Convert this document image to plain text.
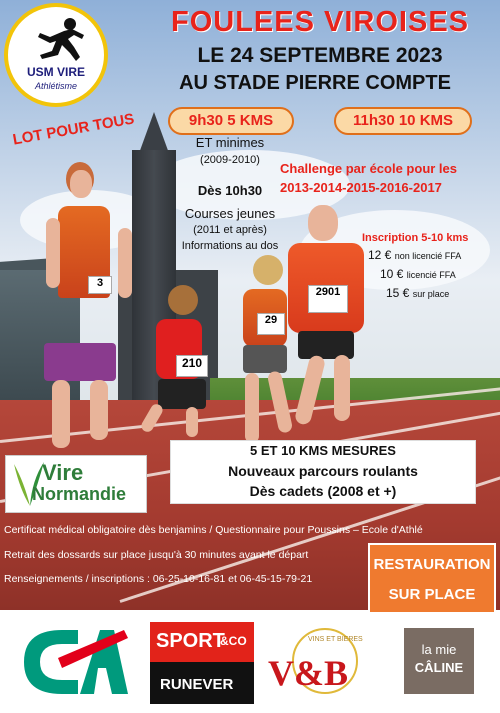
3
210
29
2901
USM VIRE
Athlétisme
FOULEES VIROISES
LE 24 SEPTEMBRE 2023
AU STADE PIERRE COMPTE
LOT POUR TOUS	9h30 5 KMS	11h30 10 KMS
ET minimes
(2009-2010)
Dès 10h30
Courses jeunes
(2011 et après)
Informations au dos
Challenge par école pour les
2013-2014-2015-2016-2017
Inscription 5-10 kms
12 € non licencié FFA
10 € licencié FFA
15 € sur place
5 ET 10 KMS MESURES
Nouveaux parcours roulants
Dès cadets (2008 et +)
Vire
Normandie
Certificat médical obligatoire dès benjamins / Questionnaire pour Poussins – Ecole d'Athlé
Retrait des dossards sur place jusqu'à 30 minutes avant le départ
Renseignements / inscriptions : 06-25-10-16-81 et 06-45-15-79-21
RESTAURATION
SUR PLACE
SPORT
&CO
RUNEVER
VINS ET BIERES
V&B
la mie
CÂLINE
